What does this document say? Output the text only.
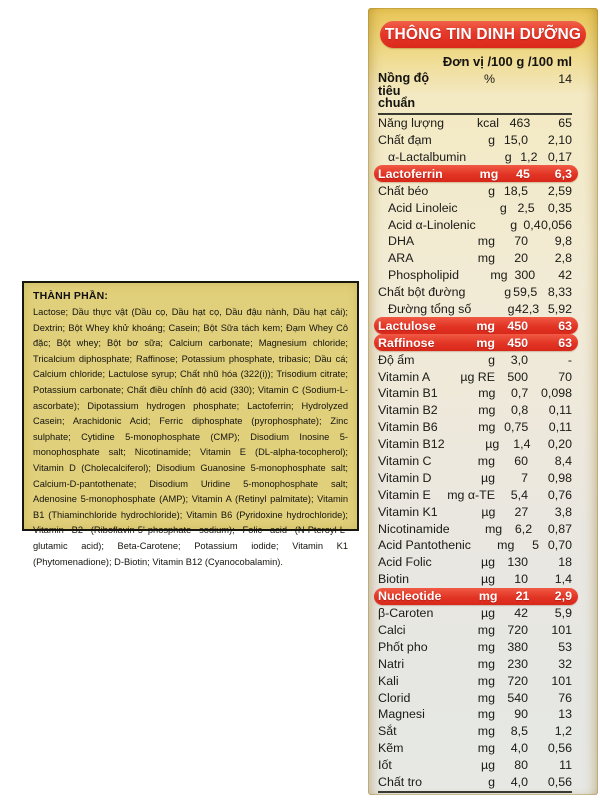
THÀNH PHẦN:
Lactose; Dầu thực vật (Dầu cọ, Dầu hạt cọ, Dầu đậu nành, Dầu hạt cải); Dextrin; Bột Whey khử khoáng; Casein; Bột Sữa tách kem; Đạm Whey Cô đặc; Bột whey; Bột bơ sữa; Calcium carbonate; Magnesium chloride; Tricalcium diphosphate; Raffinose; Potassium phosphate, tribasic; Dầu cá; Calcium chloride; Lactulose syrup; Chất nhũ hóa (322(i)); Trisodium citrate; Potassium carbonate; Chất điều chỉnh độ acid (330); Vitamin C (Sodium-L-ascorbate); Dipotassium hydrogen phosphate; Lactoferrin; Hydrolyzed Casein; Arachidonic Acid; Ferric diphosphate (pyrophosphate); Zinc sulphate; Cytidine 5-monophosphate (CMP); Disodium Inosine 5-monophosphate salt; Nicotinamide; Vitamin E (DL-alpha-tocopherol); Vitamin D (Cholecalciferol); Disodium Guanosine 5-monophosphate salt; Calcium-D-pantothenate; Disodium Uridine 5-monophosphate salt; Adenosine 5-monophosphate (AMP); Vitamin A (Retinyl palmitate); Vitamin B1 (Thiaminchloride hydrochloride); Vitamin B6 (Pyridoxine hydrochloride); Vitamin B2 (Riboflavin-5'-phosphate sodium); Folic acid (N-Pteroyl-L-glutamic acid); Beta-Carotene; Potassium iodide; Vitamin K1 (Phytomenadione); D-Biotin; Vitamin B12 (Cyanocobalamin).
THÔNG TIN DINH DƯỠNG
Đơn vị /100 g /100 ml
Nồng độ
tiêu chuẩn
%	14
Năng lượng	kcal 463	65
Chất đạm	g 15,0	2,10
α-Lactalbumin	g 1,2 0,17
Lactoferrin	mg	45	6,3
Chất béo	g 18,5	2,59
Acid Linoleic	g 2,5	0,35
Acid α-Linolenic	g 0,4 0,056
DHA	mg	70	9,8
ARA	mg	20	2,8
Phospholipid	mg 300	42
Chất bột đường	g 59,5 8,33
Đường tổng số	g 42,3 5,92
Lactulose	mg 450	63
Raffinose	mg 450	63
Độ ẩm	g	3,0	-
Vitamin A	µg RE 500	70
Vitamin B1	mg	0,7	0,098
Vitamin B2	mg	0,8	0,11
Vitamin B6	mg 0,75	0,11
Vitamin B12	µg	1,4	0,20
Vitamin C	mg	60	8,4
Vitamin D	µg	7	0,98
Vitamin E	mg α-TE	5,4	0,76
Vitamin K1	µg	27	3,8
Nicotinamide	mg	6,2	0,87
Acid Pantothenic	mg	5 0,70
Acid Folic	µg 130	18
Biotin	µg	10	1,4
Nucleotide	mg	21	2,9
β-Caroten	µg	42	5,9
Calci	mg 720	101
Phốt pho	mg 380	53
Natri	mg 230	32
Kali	mg 720	101
Clorid	mg 540	76
Magnesi	mg	90	13
Sắt	mg	8,5	1,2
Kẽm	mg	4,0	0,56
Iốt	µg	80	11
Chất tro	g	4,0	0,56
